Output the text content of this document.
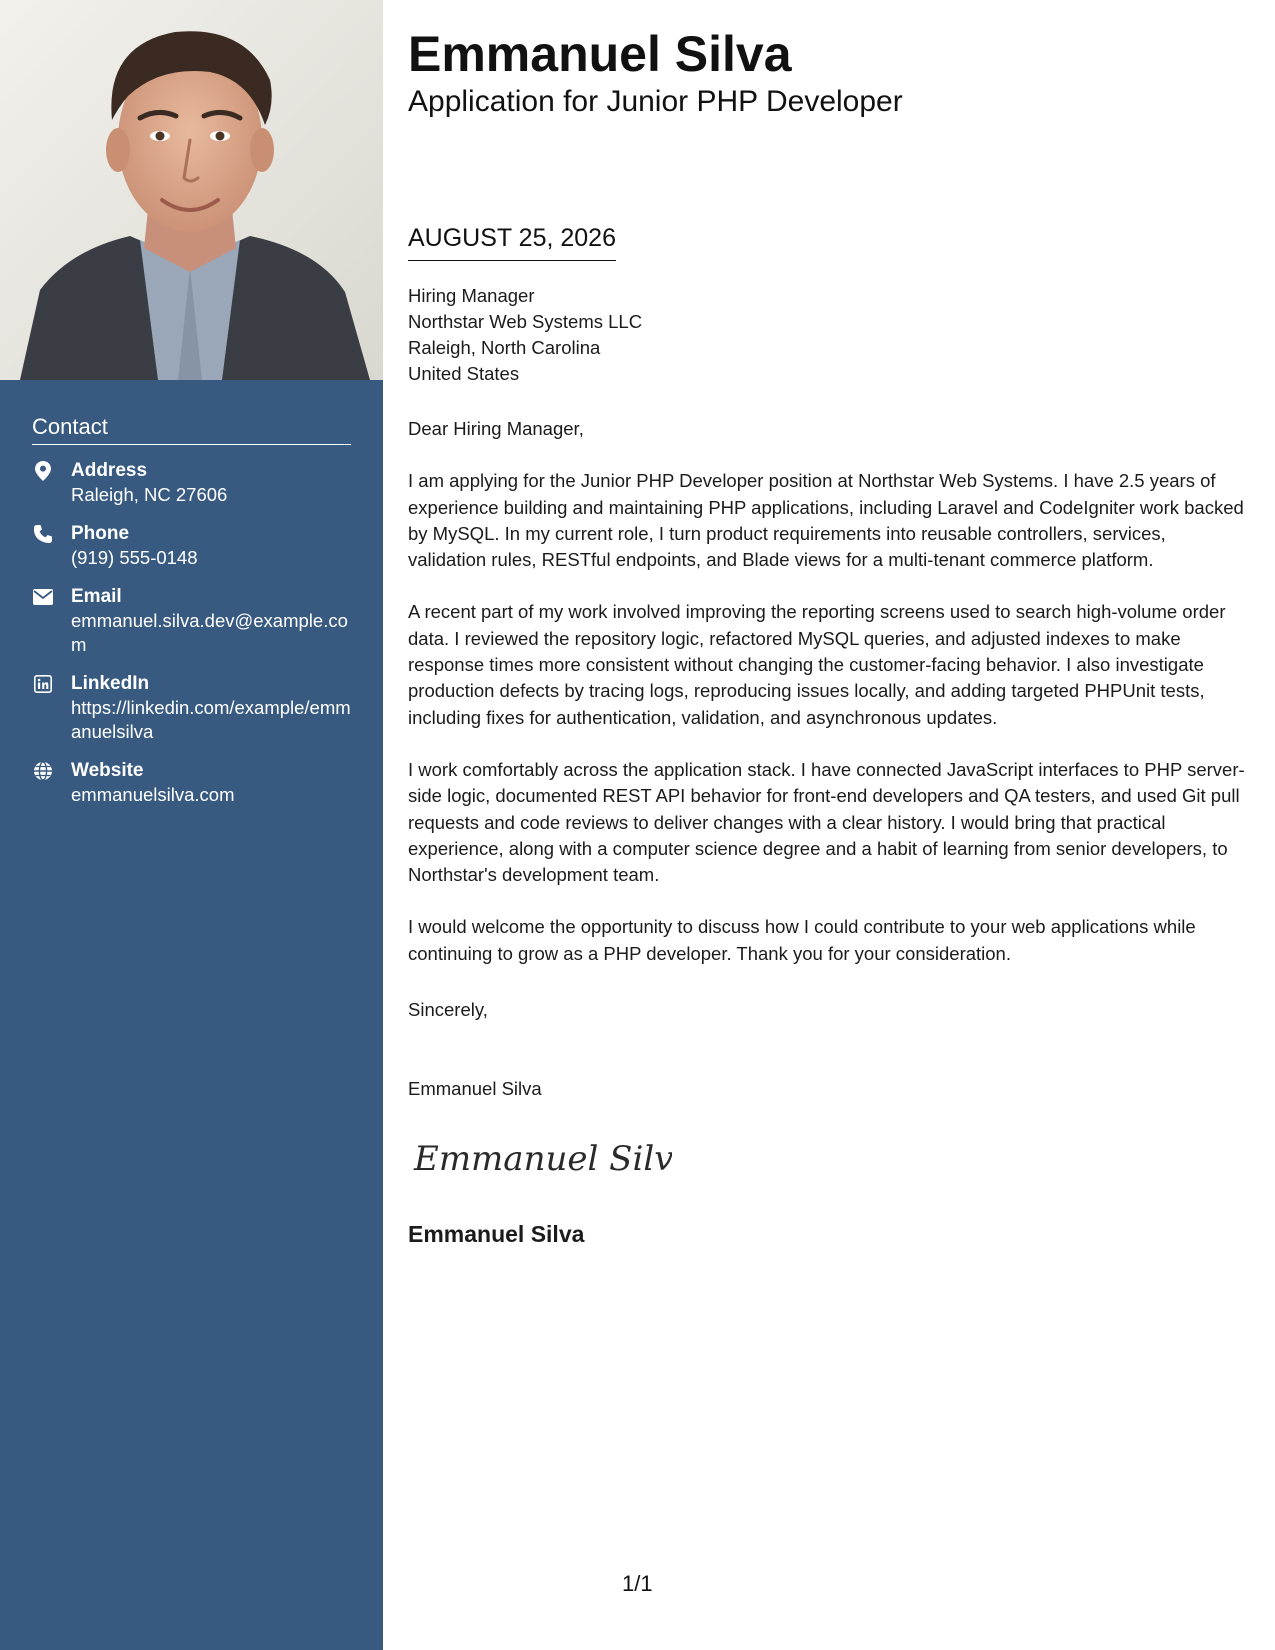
Contact
Address
Raleigh, NC 27606
Phone
(919) 555-0148
Email
emmanuel.silva.dev@example.com
LinkedIn
https://linkedin.com/example/emmanuelsilva
Website
emmanuelsilva.com
Emmanuel Silva
Application for Junior PHP Developer
AUGUST 25, 2026
Hiring Manager
Northstar Web Systems LLC
Raleigh, North Carolina
United States

Dear Hiring Manager,

I am applying for the Junior PHP Developer position at Northstar Web Systems. I have 2.5 years of experience building and maintaining PHP applications, including Laravel and CodeIgniter work backed by MySQL. In my current role, I turn product requirements into reusable controllers, services, validation rules, RESTful endpoints, and Blade views for a multi-tenant commerce platform.

A recent part of my work involved improving the reporting screens used to search high-volume order data. I reviewed the repository logic, refactored MySQL queries, and adjusted indexes to make response times more consistent without changing the customer-facing behavior. I also investigate production defects by tracing logs, reproducing issues locally, and adding targeted PHPUnit tests, including fixes for authentication, validation, and asynchronous updates.

I work comfortably across the application stack. I have connected JavaScript interfaces to PHP server-side logic, documented REST API behavior for front-end developers and QA testers, and used Git pull requests and code reviews to deliver changes with a clear history. I would bring that practical experience, along with a computer science degree and a habit of learning from senior developers, to Northstar's development team.

I would welcome the opportunity to discuss how I could contribute to your web applications while continuing to grow as a PHP developer. Thank you for your consideration.

Sincerely,
Emmanuel Silva
Emmanuel Silva
Emmanuel Silva
1/1
